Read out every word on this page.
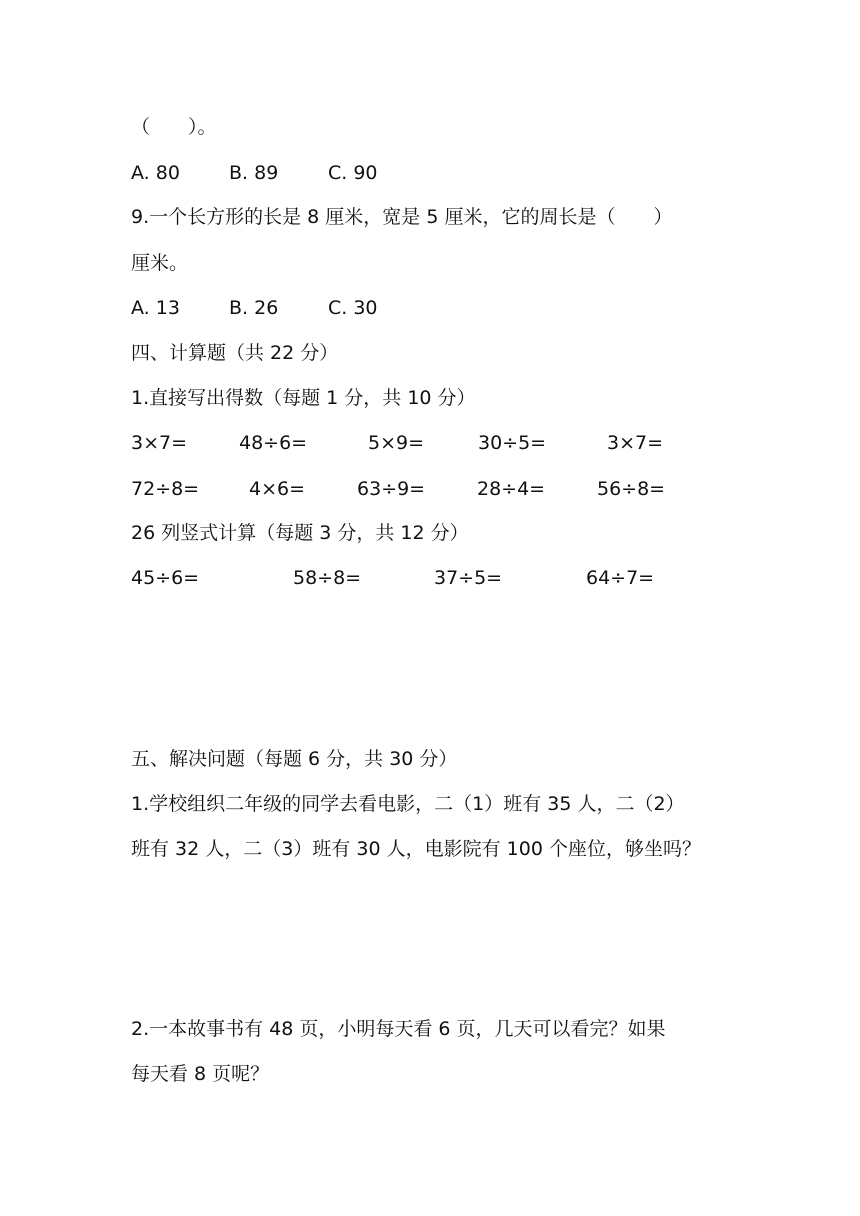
（　　）。
A. 80	B. 89	C. 90
9.一个长方形的长是 8 厘米，宽是 5 厘米，它的周长是（　　）
厘米。
A. 13	B. 26	C. 30
四、计算题（共 22 分）
1.直接写出得数（每题 1 分，共 10 分）
3×7=	48÷6=	5×9=	30÷5=	3×7=
72÷8=	4×6=	63÷9=	28÷4=	56÷8=
26 列竖式计算（每题 3 分，共 12 分）
45÷6=	58÷8=	37÷5=	64÷7=
五、解决问题（每题 6 分，共 30 分）
1.学校组织二年级的同学去看电影，二（1）班有 35 人，二（2）
班有 32 人，二（3）班有 30 人，电影院有 100 个座位，够坐吗？
2.一本故事书有 48 页，小明每天看 6 页，几天可以看完？如果
每天看 8 页呢？
